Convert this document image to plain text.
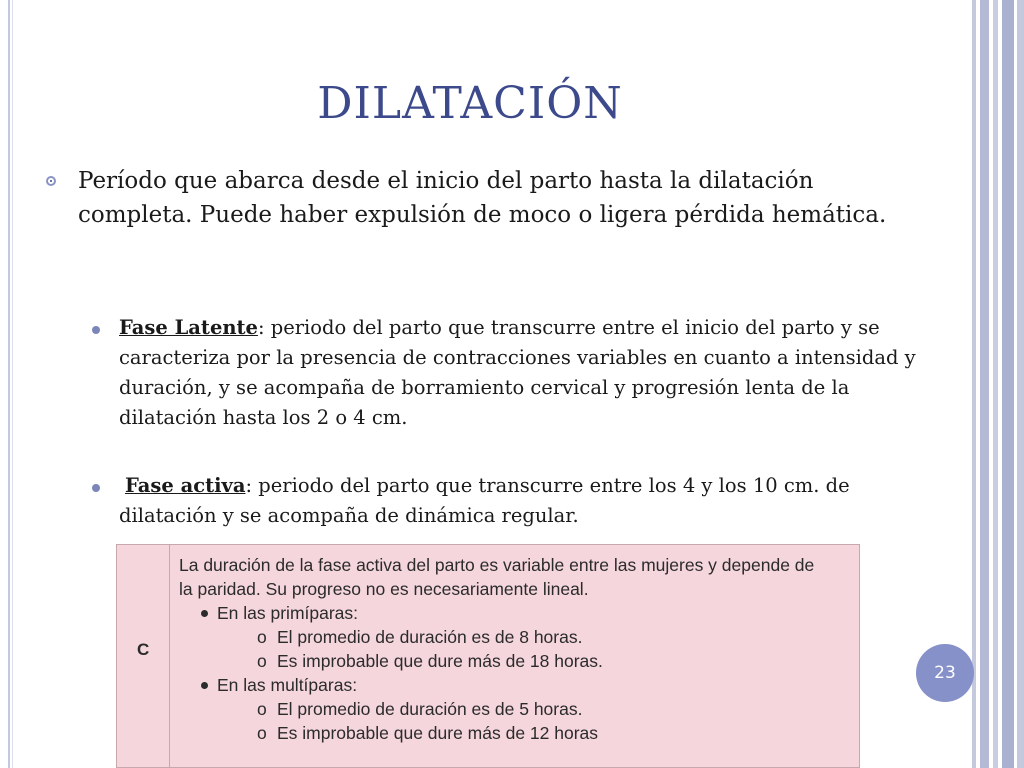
DILATACIÓN
Período que abarca desde el inicio del parto hasta la dilatación completa. Puede haber expulsión de moco o ligera pérdida hemática.
Fase Latente: periodo del parto que transcurre entre el inicio del parto y se caracteriza por la presencia de contracciones variables en cuanto a intensidad y duración, y se acompaña de borramiento cervical y progresión lenta de la dilatación hasta los 2 o 4 cm.
Fase activa: periodo del parto que transcurre entre los 4 y los 10 cm. de dilatación y se acompaña de dinámica regular.
C
La duración de la fase activa del parto es variable entre las mujeres y depende de
la paridad. Su progreso no es necesariamente lineal.
En las primíparas:
o El promedio de duración es de 8 horas.
o Es improbable que dure más de 18 horas.
En las multíparas:
o El promedio de duración es de 5 horas.
o Es improbable que dure más de 12 horas
23
